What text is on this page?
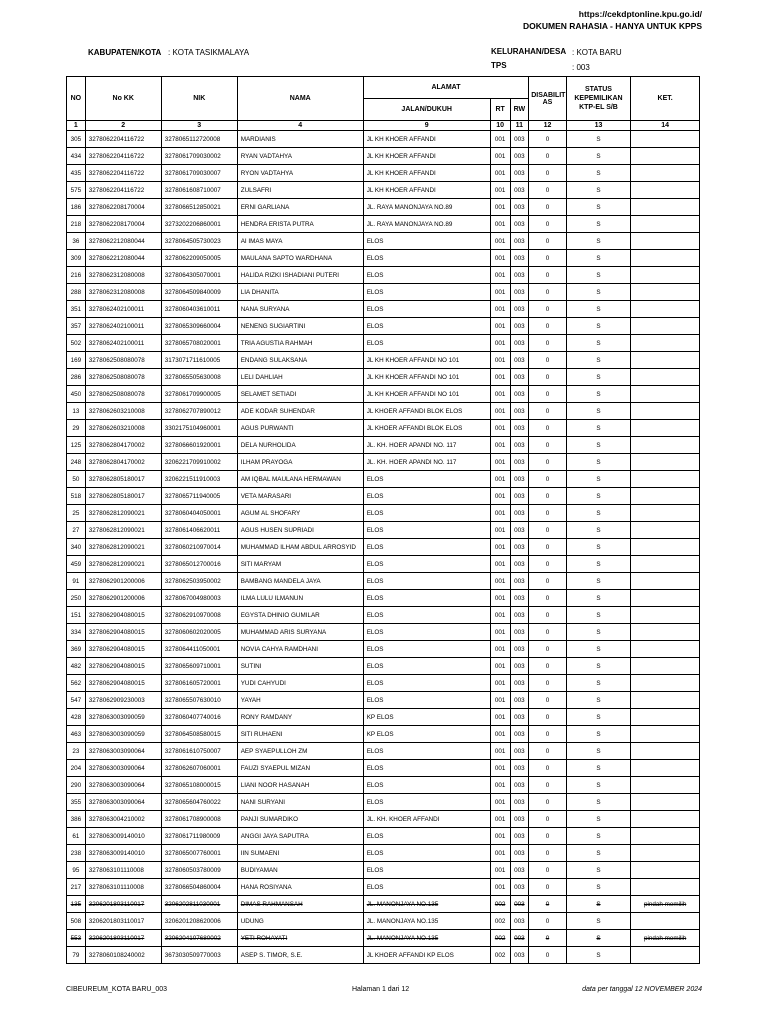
https://cekdptonline.kpu.go.id/
DOKUMEN RAHASIA - HANYA UNTUK KPPS
KABUPATEN/KOTA : KOTA TASIKMALAYA	KELURAHAN/DESA : KOTA BARU
TPS	: 003
NO	No KK	NIK	NAMA	ALAMAT			DISABILIT AS	STATUS KEPEMILIKAN KTP-EL S/B	KET.
				JALAN/DUKUH	RT	RW			
1	2	3	4	9	10	11	12	13	14
305	3278062204116722	3278065112720008	MARDIANIS	JL KH KHOER AFFANDI	001	003	0	S	
434	3278062204116722	3278061709030002	RYAN VADTAHYA	JL KH KHOER AFFANDI	001	003	0	S	
435	3278062204116722	3278061709030007	RYON VADTAHYA	JL KH KHOER AFFANDI	001	003	0	S	
575	3278062204116722	3278061608710007	ZULSAFRI	JL KH KHOER AFFANDI	001	003	0	S	
186	3278062208170004	3278066512850021	ERNI GARLIANA	JL. RAYA MANONJAYA NO.89	001	003	0	S	
218	3278062208170004	3273202206860001	HENDRA ERISTA PUTRA	JL. RAYA MANONJAYA NO.89	001	003	0	S	
36	3278062212080044	3278064505730023	AI IMAS MAYA	ELOS	001	003	0	S	
309	3278062212080044	3278062209050005	MAULANA SAPTO WARDHANA	ELOS	001	003	0	S	
216	3278062312080008	3278064305070001	HALIDA RIZKI ISHADIANI PUTERI	ELOS	001	003	0	S	
288	3278062312080008	3278064509840009	LIA DHANITA	ELOS	001	003	0	S	
351	3278062402100011	3278060403610011	NANA SURYANA	ELOS	001	003	0	S	
357	3278062402100011	3278065309660004	NENENG SUGIARTINI	ELOS	001	003	0	S	
502	3278062402100011	3278065708020001	TRIA AGUSTIA RAHMAH	ELOS	001	003	0	S	
169	3278062508080078	3173071711610005	ENDANG SULAKSANA	JL KH KHOER AFFANDI NO 101	001	003	0	S	
286	3278062508080078	3278065505630008	LELI DAHLIAH	JL KH KHOER AFFANDI NO 101	001	003	0	S	
450	3278062508080078	3278061709900005	SELAMET SETIADI	JL KH KHOER AFFANDI NO 101	001	003	0	S	
13	3278062603210008	3278062707890012	ADE KODAR SUHENDAR	JL KHOER AFFANDI BLOK ELOS	001	003	0	S	
29	3278062603210008	3302175104960001	AGUS PURWANTI	JL KHOER AFFANDI BLOK ELOS	001	003	0	S	
125	3278062804170002	3278066601920001	DELA NURHOLIDA	JL. KH. HOER APANDI NO. 117	001	003	0	S	
248	3278062804170002	3206221709910002	ILHAM PRAYOGA	JL. KH. HOER APANDI NO. 117	001	003	0	S	
50	3278062805180017	3206221511910003	AM IQBAL MAULANA HERMAWAN	ELOS	001	003	0	S	
518	3278062805180017	3278065711940005	VETA MARASARI	ELOS	001	003	0	S	
25	3278062812090021	3278060404050001	AGUM AL SHOFARY	ELOS	001	003	0	S	
27	3278062812090021	3278061406620011	AGUS HUSEN SUPRIADI	ELOS	001	003	0	S	
340	3278062812090021	3278060210970014	MUHAMMAD ILHAM ABDUL ARROSYID	ELOS	001	003	0	S	
459	3278062812090021	3278065012700016	SITI MARYAM	ELOS	001	003	0	S	
91	3278062901200006	3278062503950002	BAMBANG MANDELA JAYA	ELOS	001	003	0	S	
250	3278062901200006	3278067004980003	ILMA LULU ILMANUN	ELOS	001	003	0	S	
151	3278062904080015	3278062910970008	EGYSTA DHINIO GUMILAR	ELOS	001	003	0	S	
334	3278062904080015	3278060602020005	MUHAMMAD ARIS SURYANA	ELOS	001	003	0	S	
369	3278062904080015	3278064411050001	NOVIA CAHYA RAMDHANI	ELOS	001	003	0	S	
482	3278062904080015	3278065609710001	SUTINI	ELOS	001	003	0	S	
562	3278062904080015	3278061605720001	YUDI CAHYUDI	ELOS	001	003	0	S	
547	3278062909230003	3278065507630010	YAYAH	ELOS	001	003	0	S	
428	3278063003090059	3278060407740016	RONY RAMDANY	KP ELOS	001	003	0	S	
463	3278063003090059	3278064508580015	SITI RUHAENI	KP ELOS	001	003	0	S	
23	3278063003090064	3278061610750007	AEP SYAEPULLOH ZM	ELOS	001	003	0	S	
204	3278063003090064	3278062607060001	FAUZI SYAEPUL MIZAN	ELOS	001	003	0	S	
290	3278063003090064	3278065108000015	LIANI NOOR HASANAH	ELOS	001	003	0	S	
355	3278063003090064	3278065604760022	NANI SURYANI	ELOS	001	003	0	S	
386	3278063004210002	3278061708900008	PANJI SUMARDIKO	JL. KH. KHOER AFFANDI	001	003	0	S	
61	3278063009140010	3278061711980009	ANGGI JAYA SAPUTRA	ELOS	001	003	0	S	
238	3278063009140010	3278065007760001	IIN SUMAENI	ELOS	001	003	0	S	
95	3278063101110008	3278060503780009	BUDIYAMAN	ELOS	001	003	0	S	
217	3278063101110008	3278066504860004	HANA ROSIYANA	ELOS	001	003	0	S	
135	3206201803110017	3206202811030001	DIMAS RAHMANSAH	JL. MANONJAYA NO.135	002	003	0	S	pindah memilih
508	3206201803110017	3206201208620006	UDUNG	JL. MANONJAYA NO.135	002	003	0	S	
553	3206201803110017	3206204107680002	YETI ROHAYATI	JL. MANONJAYA NO.135	002	003	0	S	pindah memilih
79	3278060108240002	3673030509770003	ASEP S. TIMOR, S.E.	JL KHOER AFFANDI KP ELOS	002	003	0	S	
CIBEUREUM_KOTA BARU_003	Halaman 1 dari 12	data per tanggal 12 NOVEMBER 2024
